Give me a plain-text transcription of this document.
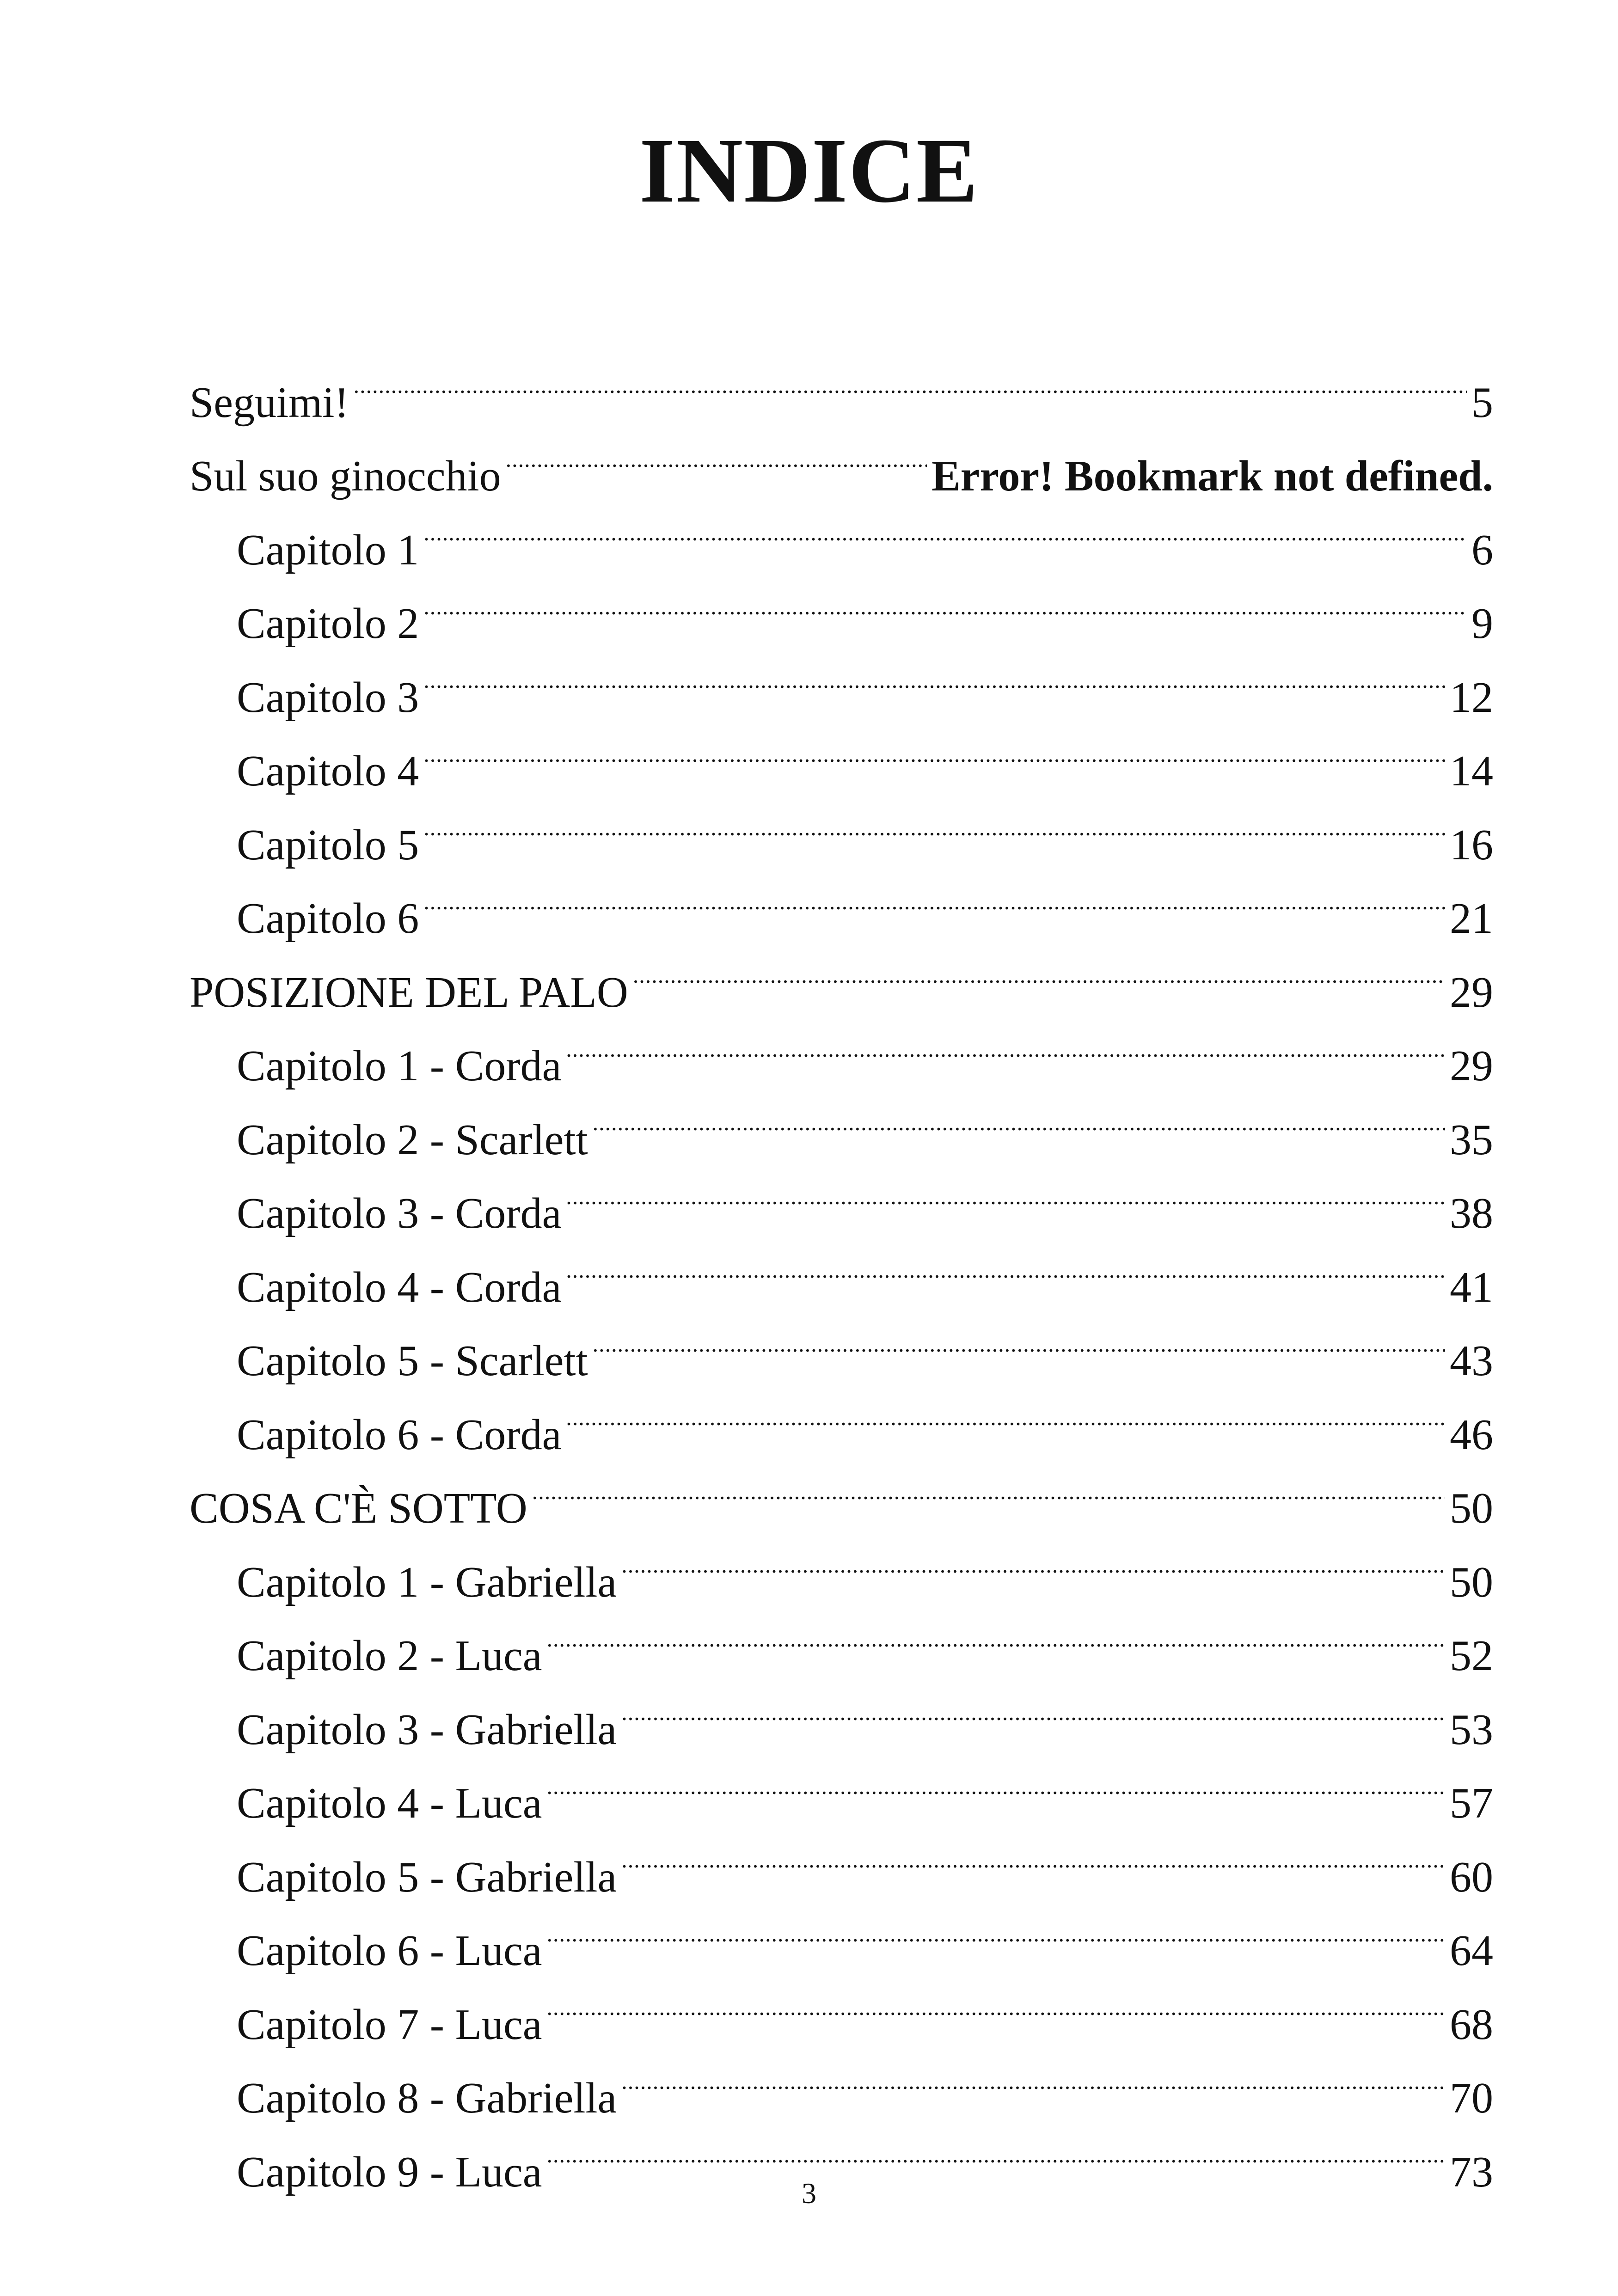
INDICE
Seguimi! .....	5
Sul suo ginocchio .....	Error! Bookmark not defined.
Capitolo 1 .....	6
Capitolo 2 .....	9
Capitolo 3 .....	12
Capitolo 4 .....	14
Capitolo 5 .....	16
Capitolo 6 .....	21
POSIZIONE DEL PALO .....	29
Capitolo 1 - Corda .....	29
Capitolo 2 - Scarlett .....	35
Capitolo 3 - Corda .....	38
Capitolo 4 - Corda .....	41
Capitolo 5 - Scarlett .....	43
Capitolo 6 - Corda .....	46
COSA C'È SOTTO .....	50
Capitolo 1 - Gabriella .....	50
Capitolo 2 - Luca .....	52
Capitolo 3 - Gabriella .....	53
Capitolo 4 - Luca .....	57
Capitolo 5 - Gabriella .....	60
Capitolo 6 - Luca .....	64
Capitolo 7 - Luca .....	68
Capitolo 8 - Gabriella .....	70
Capitolo 9 - Luca .....	73
3
